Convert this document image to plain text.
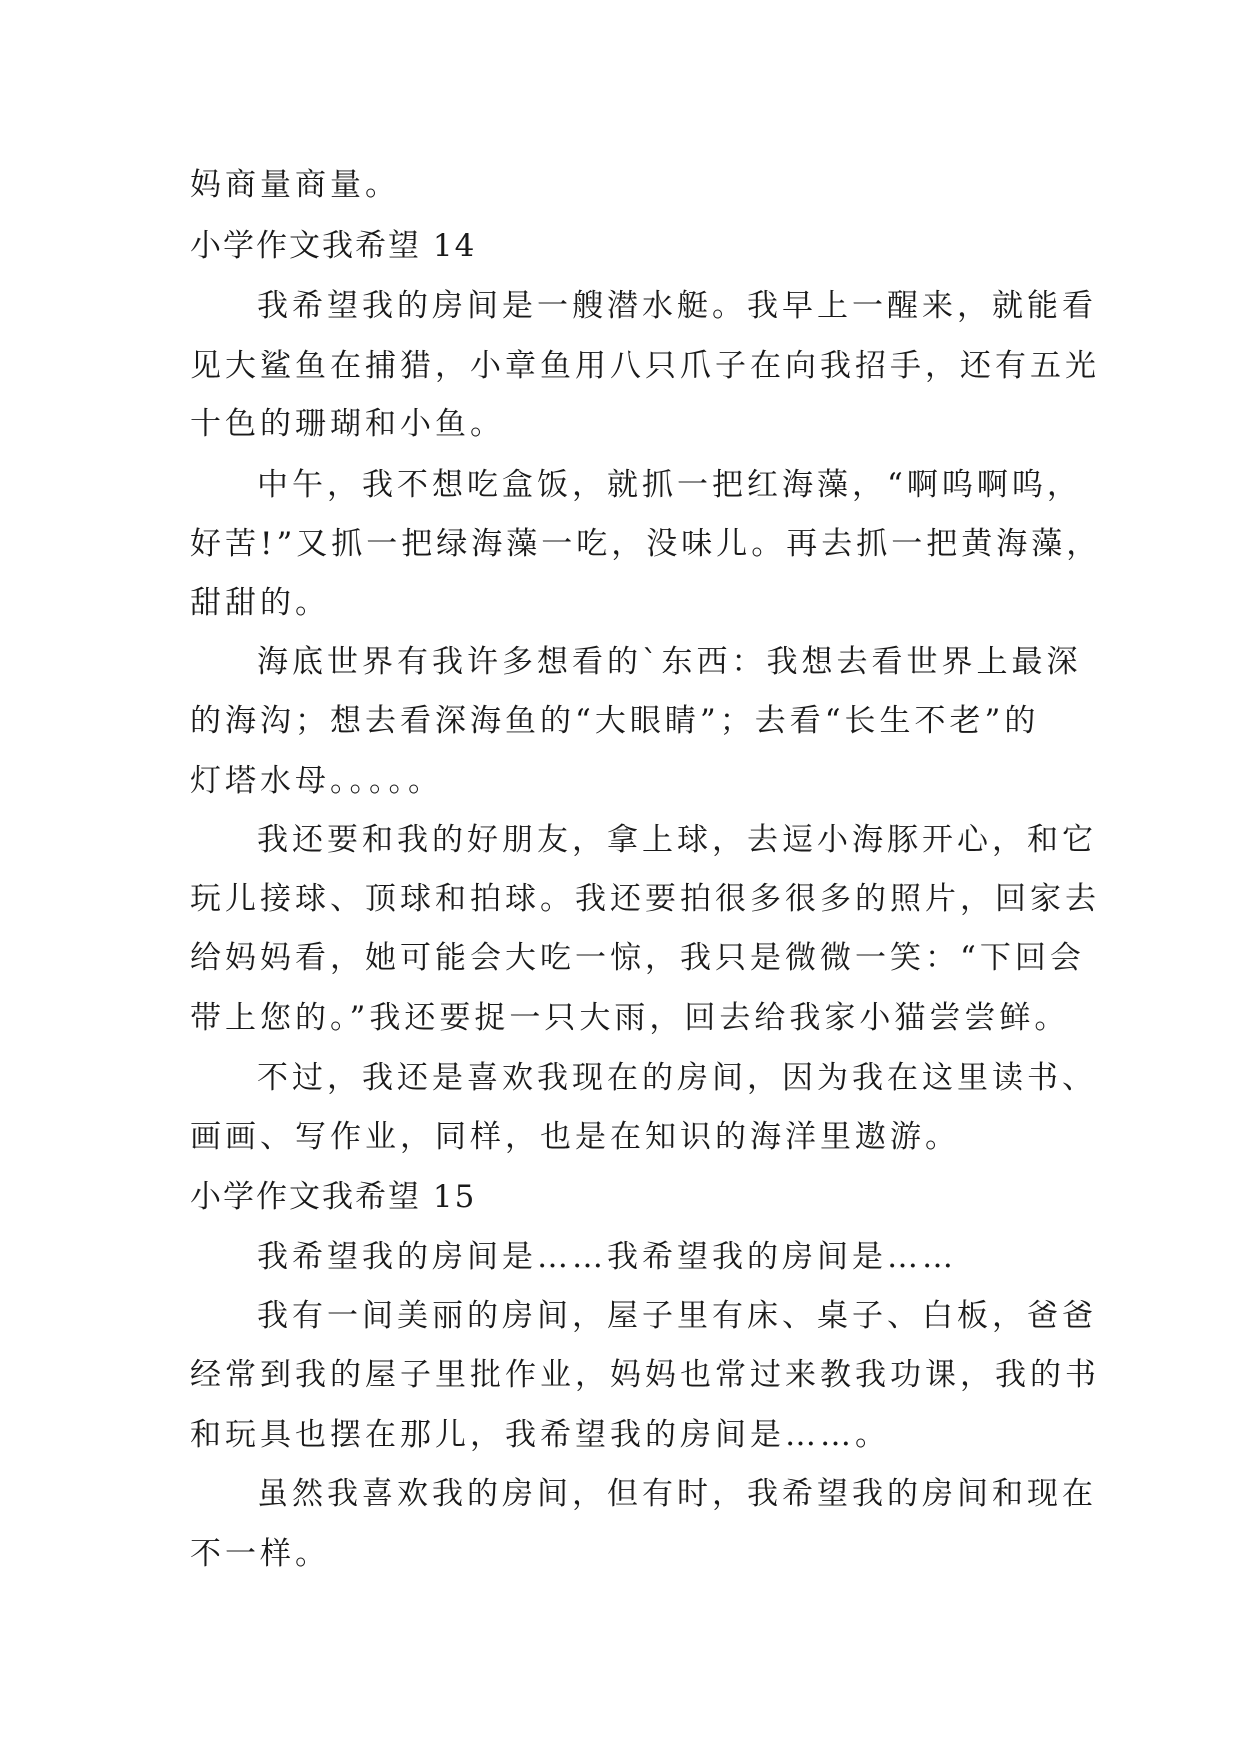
妈商量商量。
小学作文我希望 14
我希望我的房间是一艘潜水艇。我早上一醒来，就能看
见大鲨鱼在捕猎，小章鱼用八只爪子在向我招手，还有五光
十色的珊瑚和小鱼。
中午，我不想吃盒饭，就抓一把红海藻，“啊呜啊呜，
好苦!”又抓一把绿海藻一吃，没味儿。再去抓一把黄海藻，
甜甜的。
海底世界有我许多想看的`东西：我想去看世界上最深
的海沟；想去看深海鱼的“大眼睛”；去看“长生不老”的
灯塔水母。。。。。
我还要和我的好朋友，拿上球，去逗小海豚开心，和它
玩儿接球、顶球和拍球。我还要拍很多很多的照片，回家去
给妈妈看，她可能会大吃一惊，我只是微微一笑：“下回会
带上您的。”我还要捉一只大雨，回去给我家小猫尝尝鲜。
不过，我还是喜欢我现在的房间，因为我在这里读书、
画画、写作业，同样，也是在知识的海洋里遨游。
小学作文我希望 15
我希望我的房间是……我希望我的房间是……
我有一间美丽的房间，屋子里有床、桌子、白板，爸爸
经常到我的屋子里批作业，妈妈也常过来教我功课，我的书
和玩具也摆在那儿，我希望我的房间是……。
虽然我喜欢我的房间，但有时，我希望我的房间和现在
不一样。
